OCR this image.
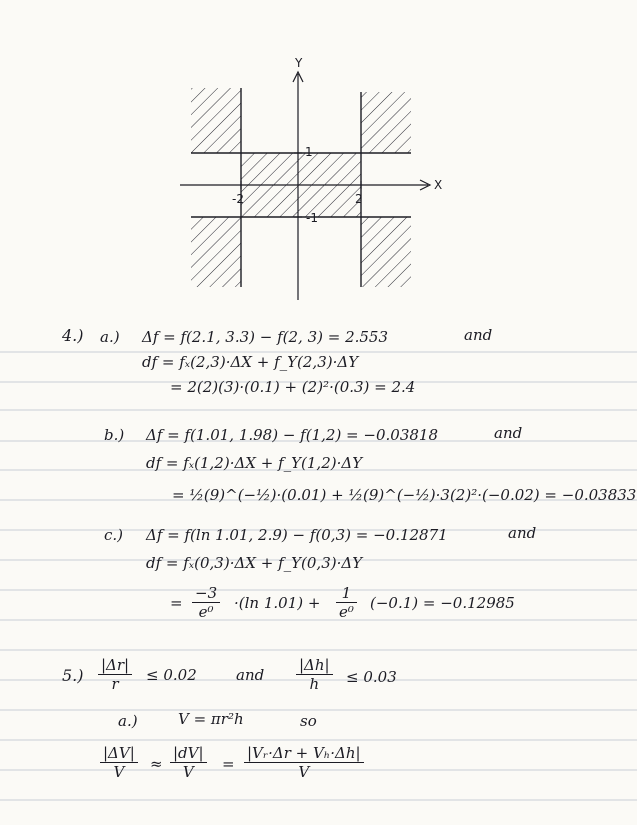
Y
X
1
-1
2
-2
4.) a.) Δf = f(2.1, 3.3) − f(2, 3) = 2.553	and
df = fₓ(2,3)·ΔX + f_Y(2,3)·ΔY
= 2(2)(3)·(0.1) + (2)²·(0.3) = 2.4
b.) Δf = f(1.01, 1.98) − f(1,2) = −0.03818	and
df = fₓ(1,2)·ΔX + f_Y(1,2)·ΔY
= ½(9)^(−½)·(0.01) + ½(9)^(−½)·3(2)²·(−0.02) = −0.03833
c.) Δf = f(ln 1.01, 2.9) − f(0,3) = −0.12871	and
df = fₓ(0,3)·ΔX + f_Y(0,3)·ΔY
= $\frac{-3}{\text{e⁰}} \cdot(\ln$ $1.01) + \frac{1}{\text{e⁰}} (-0.1) = -0.12985$
$5.) \frac{|\Delta r|}{r} \le 0.02$	and $\frac{|\Delta h|}{h} \le 0.03$
a.)	V = πr²h	so
$\frac{|\Delta V|}{V} \approx \frac{|dV|}{V} = \frac{\text{|Vᵣ·Δr + Vₕ·Δh|}}{V}$
